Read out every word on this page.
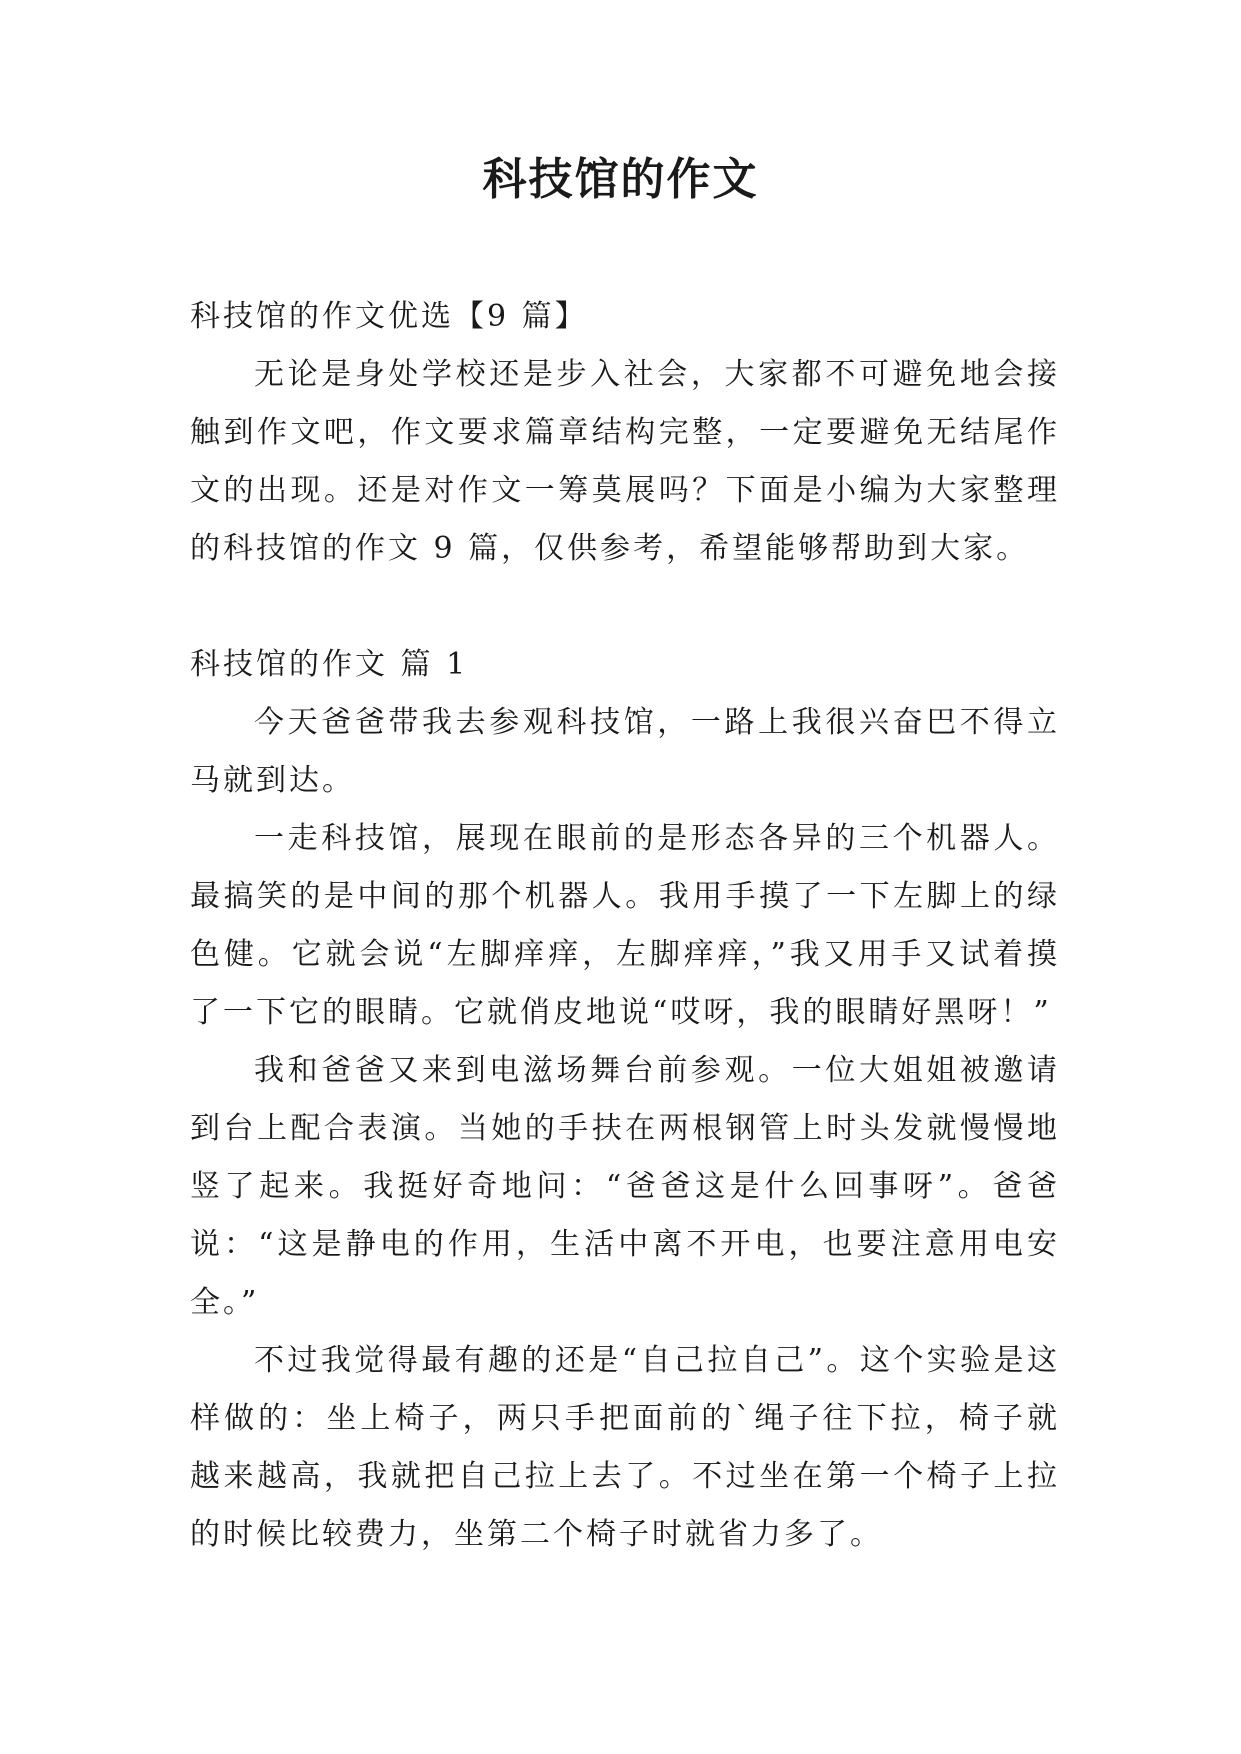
科技馆的作文

科技馆的作文优选【9 篇】

无论是身处学校还是步入社会，大家都不可避免地会接触到作文吧，作文要求篇章结构完整，一定要避免无结尾作文的出现。还是对作文一筹莫展吗？下面是小编为大家整理的科技馆的作文 9 篇，仅供参考，希望能够帮助到大家。

科技馆的作文 篇 1

今天爸爸带我去参观科技馆，一路上我很兴奋巴不得立马就到达。

一走科技馆，展现在眼前的是形态各异的三个机器人。最搞笑的是中间的那个机器人。我用手摸了一下左脚上的绿色健。它就会说“左脚痒痒，左脚痒痒，”我又用手又试着摸了一下它的眼睛。它就俏皮地说“哎呀，我的眼睛好黑呀！”

我和爸爸又来到电滋场舞台前参观。一位大姐姐被邀请到台上配合表演。当她的手扶在两根钢管上时头发就慢慢地竖了起来。我挺好奇地问：“爸爸这是什么回事呀”。爸爸说：“这是静电的作用，生活中离不开电，也要注意用电安全。”

不过我觉得最有趣的还是“自己拉自己”。这个实验是这样做的：坐上椅子，两只手把面前的`绳子往下拉，椅子就越来越高，我就把自己拉上去了。不过坐在第一个椅子上拉的时候比较费力，坐第二个椅子时就省力多了。
